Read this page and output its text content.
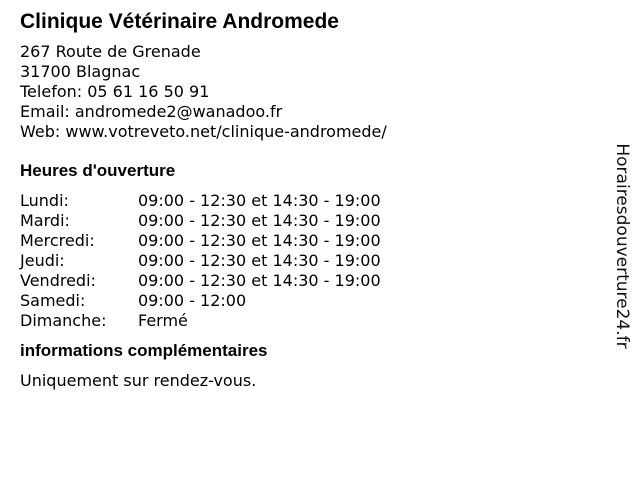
Clinique Vétérinaire Andromede
267 Route de Grenade
31700 Blagnac
Telefon: 05 61 16 50 91
Email: andromede2@wanadoo.fr
Web: www.votreveto.net/clinique-andromede/
Heures d'ouverture
Lundi:	09:00 - 12:30 et 14:30 - 19:00
Mardi:	09:00 - 12:30 et 14:30 - 19:00
Mercredi:	09:00 - 12:30 et 14:30 - 19:00
Jeudi:	09:00 - 12:30 et 14:30 - 19:00
Vendredi:	09:00 - 12:30 et 14:30 - 19:00
Samedi:	09:00 - 12:00
Dimanche:	Fermé
informations complémentaires
Uniquement sur rendez-vous.
Horairesdouverture24.fr
